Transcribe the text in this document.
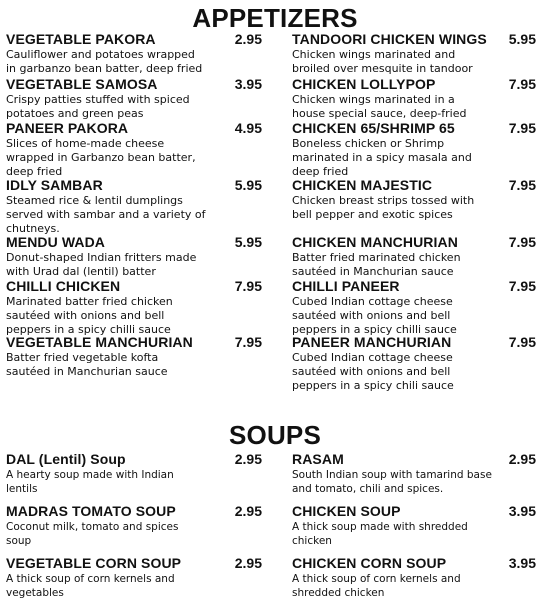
APPETIZERS
VEGETABLE PAKORA	2.95
Cauliflower and potatoes wrapped in garbanzo bean batter, deep fried
VEGETABLE SAMOSA	3.95
Crispy patties stuffed with spiced potatoes and green peas
PANEER PAKORA	4.95
Slices of home-made cheese wrapped in Garbanzo bean batter, deep fried
IDLY SAMBAR	5.95
Steamed rice & lentil dumplings served with sambar and a variety of chutneys.
MENDU WADA	5.95
Donut-shaped Indian fritters made with Urad dal (lentil) batter
CHILLI CHICKEN	7.95
Marinated batter fried chicken sautéed with onions and bell peppers in a spicy chilli sauce
VEGETABLE MANCHURIAN	7.95
Batter fried vegetable kofta sautéed in Manchurian sauce
TANDOORI CHICKEN WINGS	5.95
Chicken wings marinated and broiled over mesquite in tandoor
CHICKEN LOLLYPOP	7.95
Chicken wings marinated in a house special sauce, deep-fried
CHICKEN 65/SHRIMP 65	7.95
Boneless chicken or Shrimp marinated in a spicy masala and deep fried
CHICKEN MAJESTIC	7.95
Chicken breast strips tossed with bell pepper and exotic spices
CHICKEN MANCHURIAN	7.95
Batter fried marinated chicken sautéed in Manchurian sauce
CHILLI PANEER	7.95
Cubed Indian cottage cheese sautéed with onions and bell peppers in a spicy chilli sauce
PANEER MANCHURIAN	7.95
Cubed Indian cottage cheese sautéed with onions and bell peppers in a spicy chili sauce
SOUPS
DAL (Lentil) Soup	2.95
A hearty soup made with Indian lentils
MADRAS TOMATO SOUP	2.95
Coconut milk, tomato and spices soup
VEGETABLE CORN SOUP	2.95
A thick soup of corn kernels and vegetables
RASAM	2.95
South Indian soup with tamarind base and tomato, chili and spices.
CHICKEN SOUP	3.95
A thick soup made with shredded chicken
CHICKEN CORN SOUP	3.95
A thick soup of corn kernels and shredded chicken
